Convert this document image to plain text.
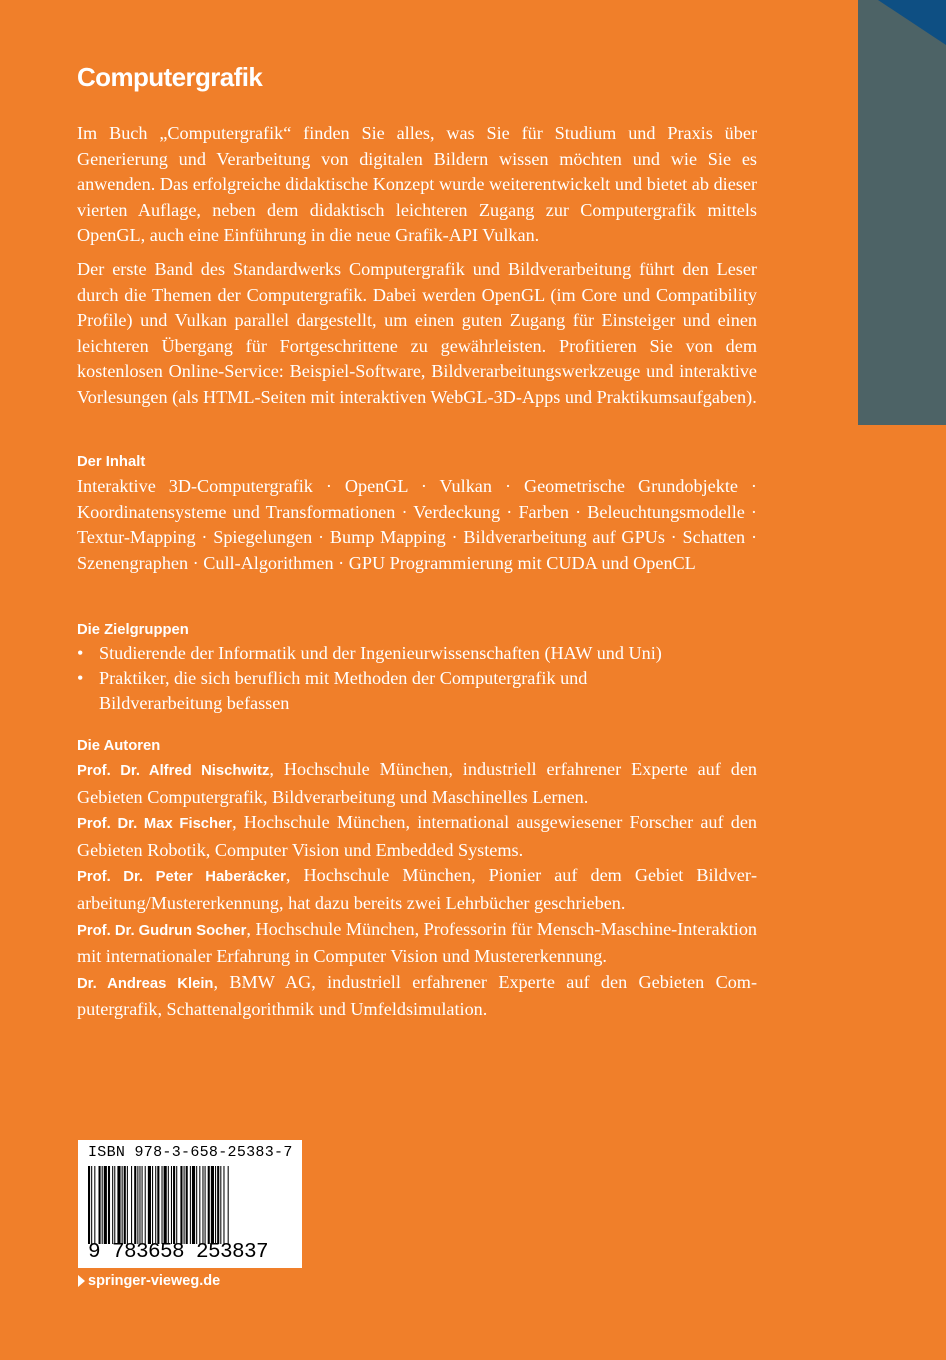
Computergrafik

Im Buch „Computergrafik“ finden Sie alles, was Sie für Studium und Praxis über Generierung und Verarbeitung von digitalen Bildern wissen möchten und wie Sie es anwenden. Das erfolgreiche didaktische Konzept wurde weiterentwickelt und bietet ab dieser vierten Auflage, neben dem didaktisch leichteren Zugang zur Computergrafik mittels OpenGL, auch eine Einführung in die neue Grafik-API Vulkan.

Der erste Band des Standardwerks Computergrafik und Bildverarbeitung führt den Leser durch die Themen der Computergrafik. Dabei werden OpenGL (im Core und Compatibility Profile) und Vulkan parallel dargestellt, um einen guten Zugang für Einsteiger und einen leichteren Übergang für Fortgeschrittene zu gewährleisten. Profitieren Sie von dem kostenlosen Online-Service: Beispiel-Software, Bildverarbeitungswerkzeuge und interaktive Vorlesungen (als HTML-Seiten mit interaktiven WebGL-3D-Apps und Praktikumsaufgaben).

Der Inhalt

Interaktive 3D-Computergrafik · OpenGL · Vulkan · Geometrische Grundobjekte · Koordinatensysteme und Transformationen · Verdeckung · Farben · Beleuchtungsmodelle · Textur-Mapping · Spiegelungen · Bump Mapping · Bildverarbeitung auf GPUs · Schatten · Szenengraphen · Cull-Algorithmen · GPU Programmierung mit CUDA und OpenCL

Die Zielgruppen
• Studierende der Informatik und der Ingenieurwissenschaften (HAW und Uni)
• Praktiker, die sich beruflich mit Methoden der Computergrafik und Bildverarbeitung befassen
Die Autoren

Prof. Dr. Alfred Nischwitz, Hochschule München, industriell erfahrener Experte auf den Gebieten Computergrafik, Bildverarbeitung und Maschinelles Lernen.

Prof. Dr. Max Fischer, Hochschule München, international ausgewiesener Forscher auf den Gebieten Robotik, Computer Vision und Embedded Systems.

Prof. Dr. Peter Haberäcker, Hochschule München, Pionier auf dem Gebiet Bildverarbeitung/Mustererkennung, hat dazu bereits zwei Lehrbücher geschrieben.

Prof. Dr. Gudrun Socher, Hochschule München, Professorin für Mensch-Maschine-Interaktion mit internationaler Erfahrung in Computer Vision und Mustererkennung.

Dr. Andreas Klein, BMW AG, industriell erfahrener Experte auf den Gebieten Computergrafik, Schattenalgorithmik und Umfeldsimulation.

ISBN 978-3-658-25383-7

9 783658 253837

springer-vieweg.de
